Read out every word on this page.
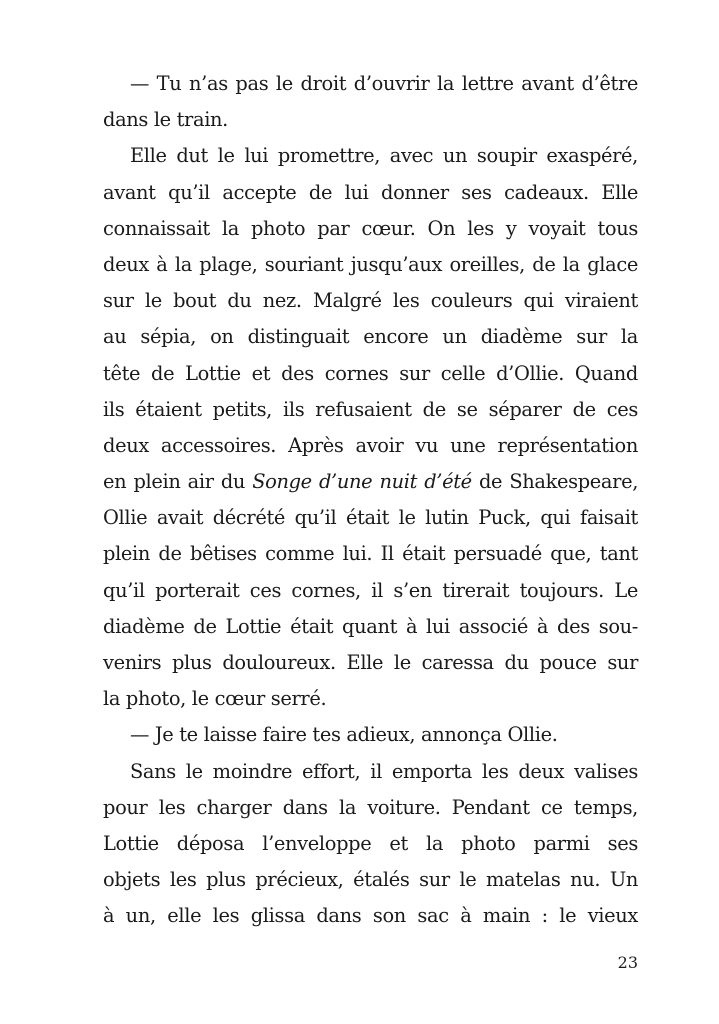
— Tu n’as pas le droit d’ouvrir la lettre avant d’être
dans le train.
Elle dut le lui promettre, avec un soupir exaspéré,
avant qu’il accepte de lui donner ses cadeaux. Elle
connaissait la photo par cœur. On les y voyait tous
deux à la plage, souriant jusqu’aux oreilles, de la glace
sur le bout du nez. Malgré les couleurs qui viraient
au sépia, on distinguait encore un diadème sur la
tête de Lottie et des cornes sur celle d’Ollie. Quand
ils étaient petits, ils refusaient de se séparer de ces
deux accessoires. Après avoir vu une représentation
en plein air du Songe d’une nuit d’été de Shakespeare,
Ollie avait décrété qu’il était le lutin Puck, qui faisait
plein de bêtises comme lui. Il était persuadé que, tant
qu’il porterait ces cornes, il s’en tirerait toujours. Le
diadème de Lottie était quant à lui associé à des sou-
venirs plus douloureux. Elle le caressa du pouce sur
la photo, le cœur serré.
— Je te laisse faire tes adieux, annonça Ollie.
Sans le moindre effort, il emporta les deux valises
pour les charger dans la voiture. Pendant ce temps,
Lottie déposa l’enveloppe et la photo parmi ses
objets les plus précieux, étalés sur le matelas nu. Un
à un, elle les glissa dans son sac à main : le vieux
23
